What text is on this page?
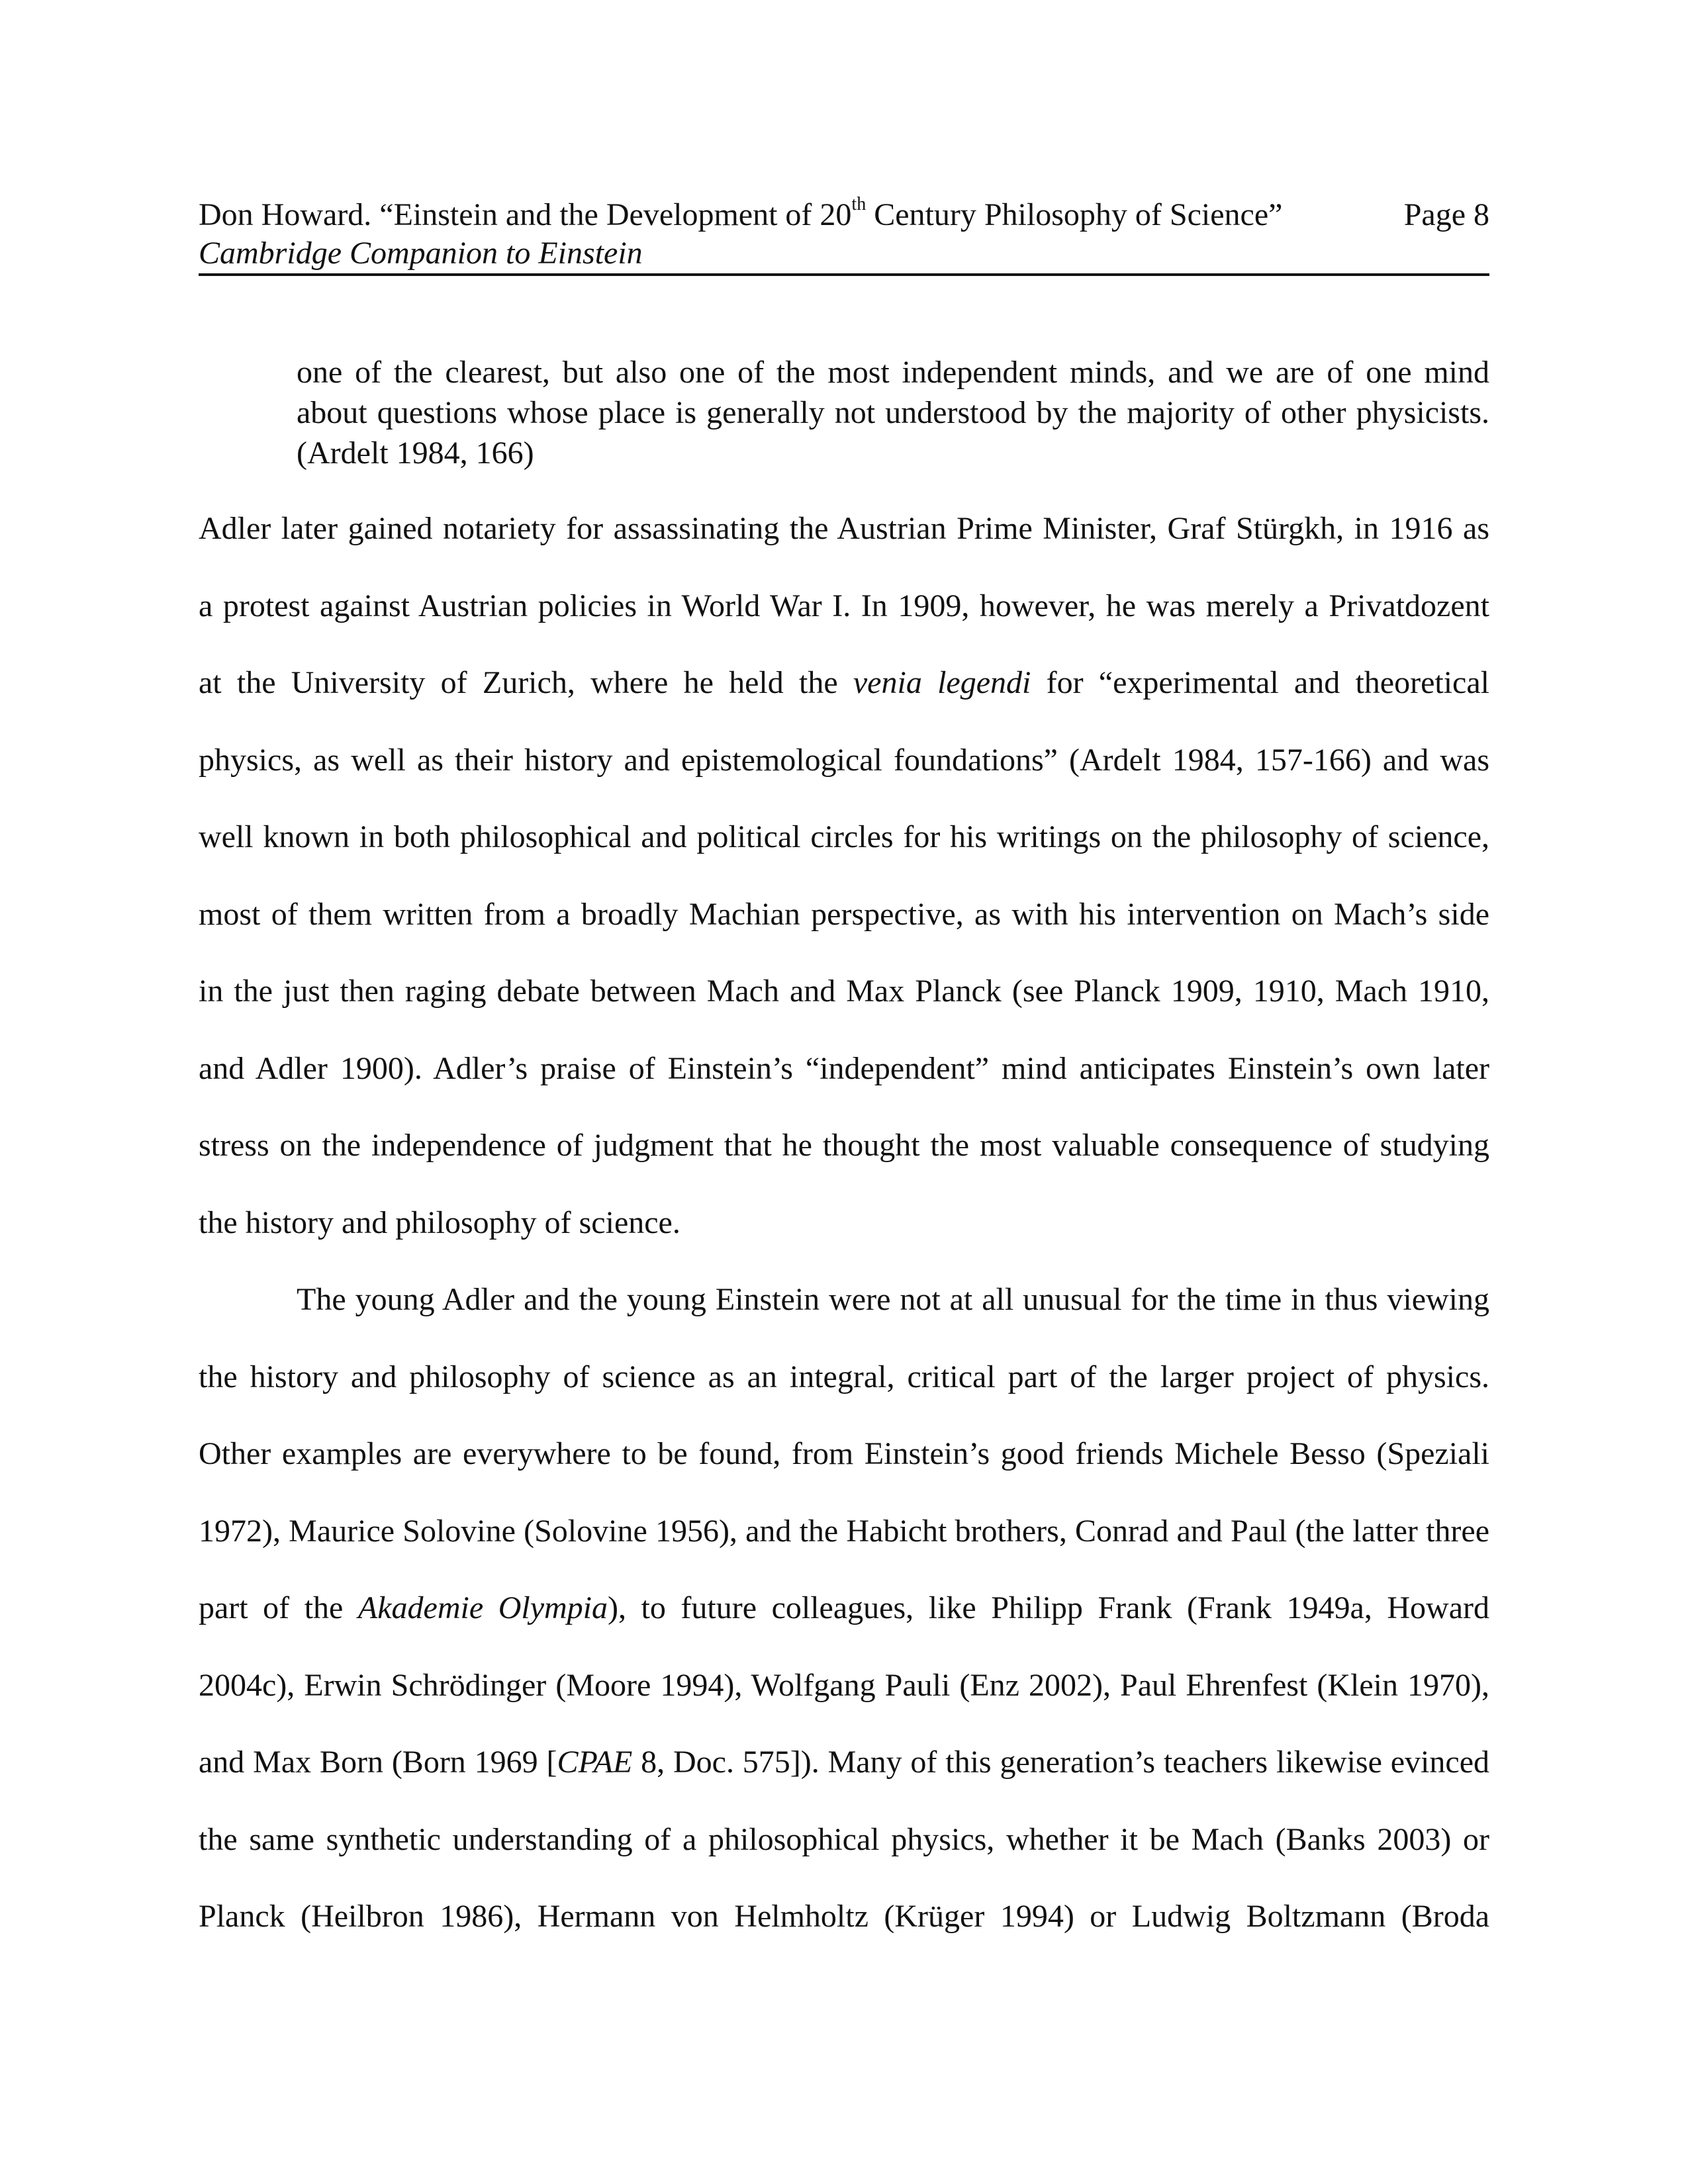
Don Howard. “Einstein and the Development of 20th Century Philosophy of Science”	Page 8
Cambridge Companion to Einstein
one of the clearest, but also one of the most independent minds, and we are of one mind
about questions whose place is generally not understood by the majority of other physicists.
(Ardelt 1984, 166)
Adler later gained notariety for assassinating the Austrian Prime Minister, Graf Stürgkh, in 1916 as
a protest against Austrian policies in World War I. In 1909, however, he was merely a Privatdozent
at the University of Zurich, where he held the venia legendi for “experimental and theoretical
physics, as well as their history and epistemological foundations” (Ardelt 1984, 157-166) and was
well known in both philosophical and political circles for his writings on the philosophy of science,
most of them written from a broadly Machian perspective, as with his intervention on Mach’s side
in the just then raging debate between Mach and Max Planck (see Planck 1909, 1910, Mach 1910,
and Adler 1900). Adler’s praise of Einstein’s “independent” mind anticipates Einstein’s own later
stress on the independence of judgment that he thought the most valuable consequence of studying
the history and philosophy of science.
The young Adler and the young Einstein were not at all unusual for the time in thus viewing
the history and philosophy of science as an integral, critical part of the larger project of physics.
Other examples are everywhere to be found, from Einstein’s good friends Michele Besso (Speziali
1972), Maurice Solovine (Solovine 1956), and the Habicht brothers, Conrad and Paul (the latter three
part of the Akademie Olympia), to future colleagues, like Philipp Frank (Frank 1949a, Howard
2004c), Erwin Schrödinger (Moore 1994), Wolfgang Pauli (Enz 2002), Paul Ehrenfest (Klein 1970),
and Max Born (Born 1969 [CPAE 8, Doc. 575]). Many of this generation’s teachers likewise evinced
the same synthetic understanding of a philosophical physics, whether it be Mach (Banks 2003) or
Planck (Heilbron 1986), Hermann von Helmholtz (Krüger 1994) or Ludwig Boltzmann (Broda
